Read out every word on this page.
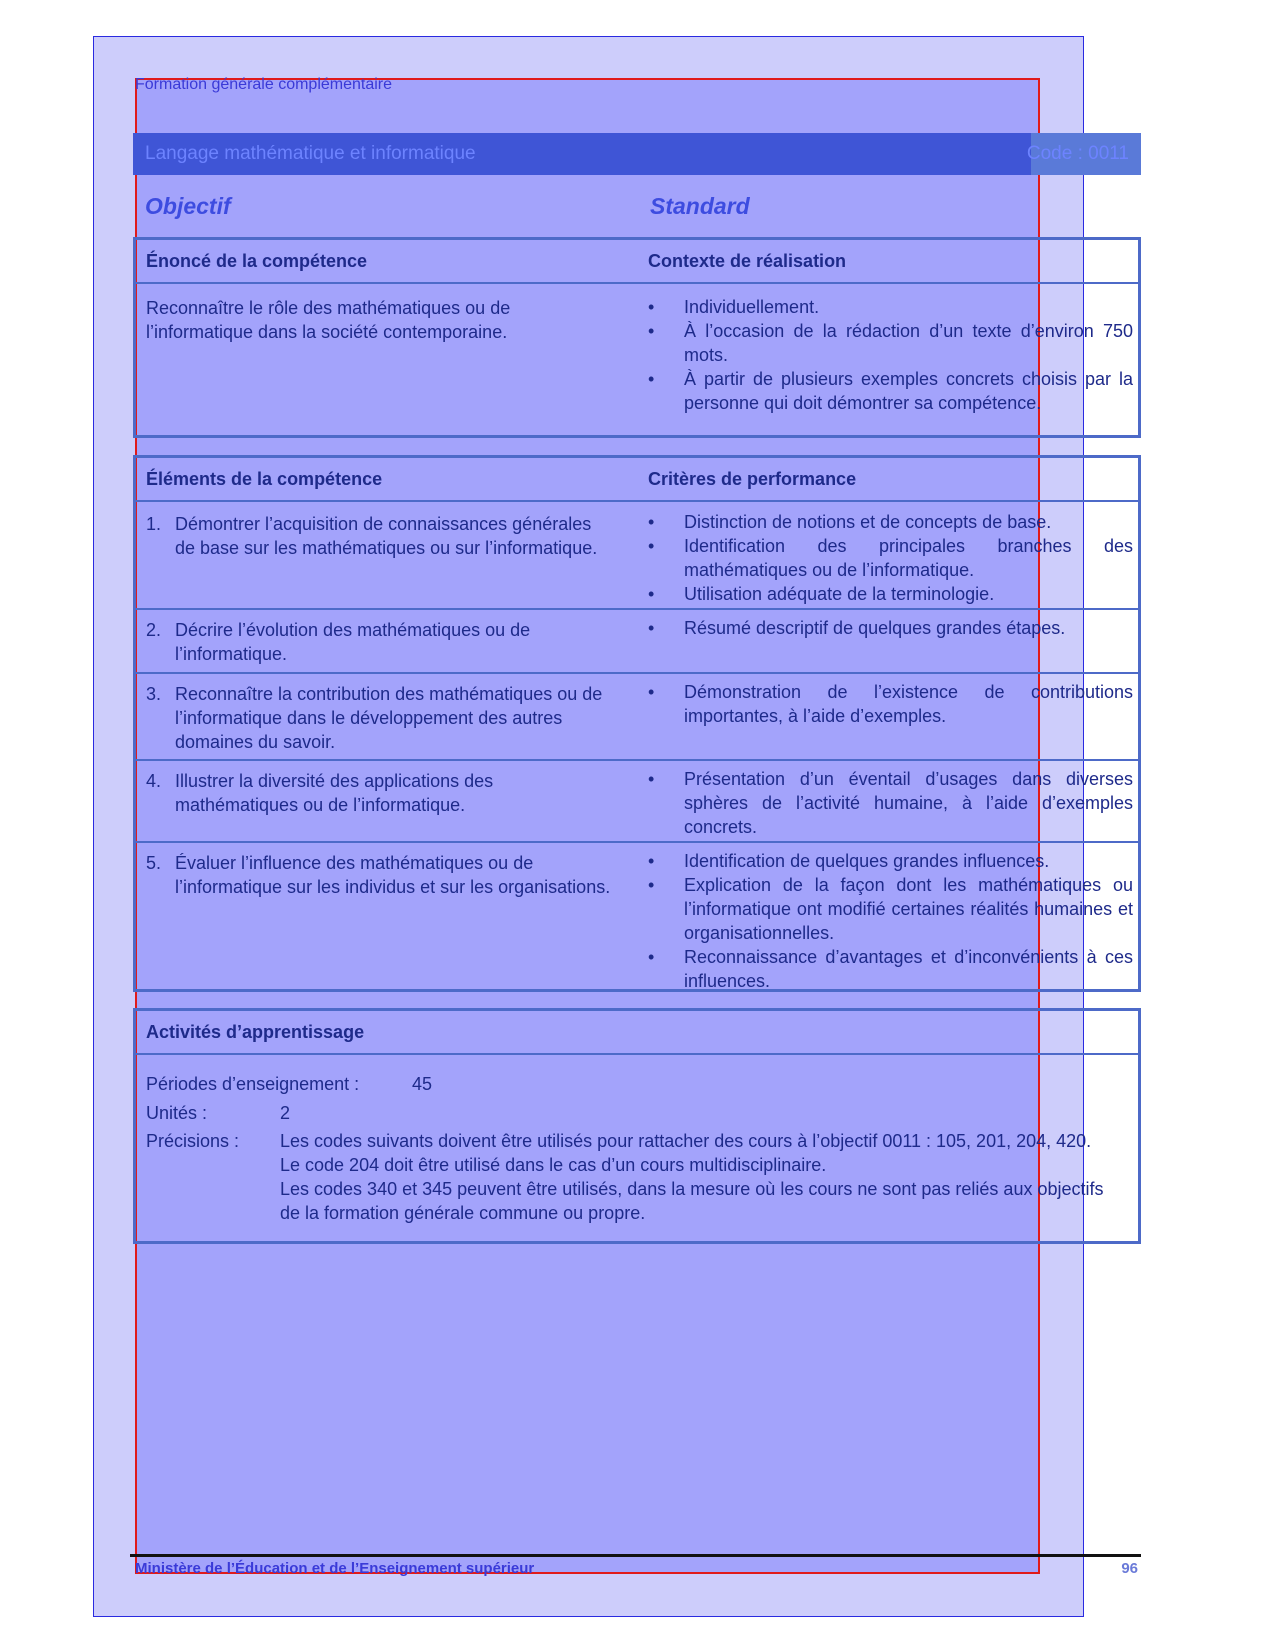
Formation générale complémentaire
Langage mathématique et informatique	Code : 0011
Objectif	Standard
Énoncé de la compétence	Contexte de réalisation
Reconnaître le rôle des mathématiques ou de l’informatique dans la société contemporaine.
• Individuellement.
• À l’occasion de la rédaction d’un texte d’environ 750 mots.
• À partir de plusieurs exemples concrets choisis par la personne qui doit démontrer sa compétence.
Éléments de la compétence	Critères de performance
1. Démontrer l’acquisition de connaissances générales de base sur les mathématiques ou sur l’informatique.
• Distinction de notions et de concepts de base.
• Identification des principales branches des mathématiques ou de l’informatique.
• Utilisation adéquate de la terminologie.
2. Décrire l’évolution des mathématiques ou de l’informatique.
• Résumé descriptif de quelques grandes étapes.
3. Reconnaître la contribution des mathématiques ou de l’informatique dans le développement des autres domaines du savoir.
• Démonstration de l’existence de contributions importantes, à l’aide d’exemples.
4. Illustrer la diversité des applications des mathématiques ou de l’informatique.
• Présentation d’un éventail d’usages dans diverses sphères de l’activité humaine, à l’aide d’exemples concrets.
5. Évaluer l’influence des mathématiques ou de l’informatique sur les individus et sur les organisations.
• Identification de quelques grandes influences.
• Explication de la façon dont les mathématiques ou l’informatique ont modifié certaines réalités humaines et organisationnelles.
• Reconnaissance d’avantages et d’inconvénients à ces influences.
Activités d’apprentissage
Périodes d’enseignement :	45
Unités :	2
Précisions : Les codes suivants doivent être utilisés pour rattacher des cours à l’objectif 0011 : 105, 201, 204, 420.
Le code 204 doit être utilisé dans le cas d’un cours multidisciplinaire.
Les codes 340 et 345 peuvent être utilisés, dans la mesure où les cours ne sont pas reliés aux objectifs de la formation générale commune ou propre.
Ministère de l’Éducation et de l’Enseignement supérieur	96
